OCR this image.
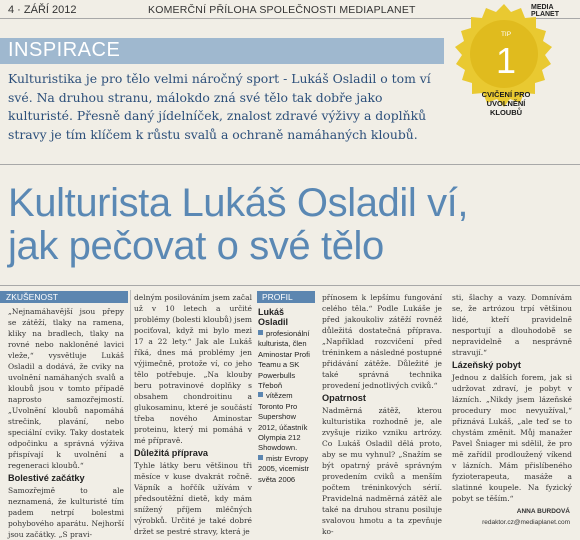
4 · ZÁŘÍ 2012	KOMERČNÍ PŘÍLOHA SPOLEČNOSTI MEDIAPLANET	MEDIA
PLANET
INSPIRACE
Kulturistika je pro tělo velmi náročný sport - Lukáš Osladil o tom ví své. Na druhou stranu, málokdo zná své tělo tak dobře jako kulturisté. Přesně daný jídelníček, znalost zdravé výživy a doplňků stravy je tím klíčem k růstu svalů a ochraně namáhaných kloubů.
TIP
1
CVIČENÍ PRO UVOLNĚNÍ KLOUBŮ
Kulturista Lukáš Osladil ví,
jak pečovat o své tělo
ZKUŠENOST
„Nejnamáhavější jsou přepy se zátěží, tlaky na ramena, kliky na bradlech, tlaky na rovné nebo nakloněné lavici vleže,“ vysvětluje Lukáš Osladil a dodává, že cviky na uvolnění namáhaných svalů a kloubů jsou v tomto případě naprosto samozřejmostí. „Uvolnění kloubů napomáhá strečink, plavání, nebo speciální cviky. Taky dostatek odpočinku a správná výživa přispívají k uvolnění a regeneraci kloubů.“
Bolestivé začátky
Samozřejmě to ale neznamená, že kulturisté tím padem netrpí bolestmi pohybového aparátu. Nejhorší jsou začátky. „S pravi-
delným posilováním jsem začal už v 10 letech a určité problémy (bolesti kloubů) jsem pociťoval, když mi bylo mezi 17 a 22 lety.“ Jak ale Lukáš říká, dnes má problémy jen výjimečně, protože ví, co jeho tělo potřebuje. „Na klouby beru potravinové doplňky s obsahem chondroitinu a glukosaminu, které je součástí třeba nového Aminostar proteinu, který mi pomáhá v mé přípravě.
Důležitá příprava
Tyhle látky beru většinou tři měsíce v kuse dvakrát ročně. Vápník a hořčík užívám v předsoutěžní dietě, kdy mám snížený příjem mléčných výrobků. Určité je také dobré držet se pestré stravy, která je
PROFIL
Lukáš
Osladil

profesionální kulturista, člen Aminostar Profi Teamu a SK Powerbulls Třeboň

vítězem Toronto Pro Supershow 2012, účastník Olympia 212 Showdown.

mistr Evropy 2005, vicemistr světa 2006

přínosem k lepšímu fungování celého těla.“ Podle Lukáše je před jakoukoliv zátěží rovněž důležitá dostatečná příprava. „Například rozcvičení před tréninkem a následné postupné přidávání zátěže. Důležité je také správná technika provedení jednotlivých cviků.“
Opatrnost
Nadměrná zátěž, kterou kulturistika rozhodně je, ale zvyšuje riziko vzniku artrózy. Co Lukáš Osladil dělá proto, aby se mu vyhnul? „Snažím se být opatrný právě správným provedením cviků a menším počtem tréninkových sérií. Pravidelná nadměrná zátěž ale také na druhou stranu posiluje svalovou hmotu a ta zpevňuje ko-
sti, šlachy a vazy. Domnívám se, že artrózou trpí většinou lidé, kteří pravidelně nesportují a dlouhodobě se nepravidelně a nesprávně stravují.“
Lázeňský pobyt
Jednou z dalších forem, jak si udržovat zdraví, je pobyt v lázních. „Nikdy jsem lázeňské procedury moc nevyužíval,“ přiznává Lukáš, „ale teď se to chystám změnit. Můj manažer Pavel Šniager mi sdělil, že pro mě zařídil prodloužený víkend v lázních. Mám přislíbeného fyzioterapeuta, masáže a slatinné koupele. Na fyzický pobyt se těším.“
ANNA BURDOVÁ
redaktor.cz@mediaplanet.com
